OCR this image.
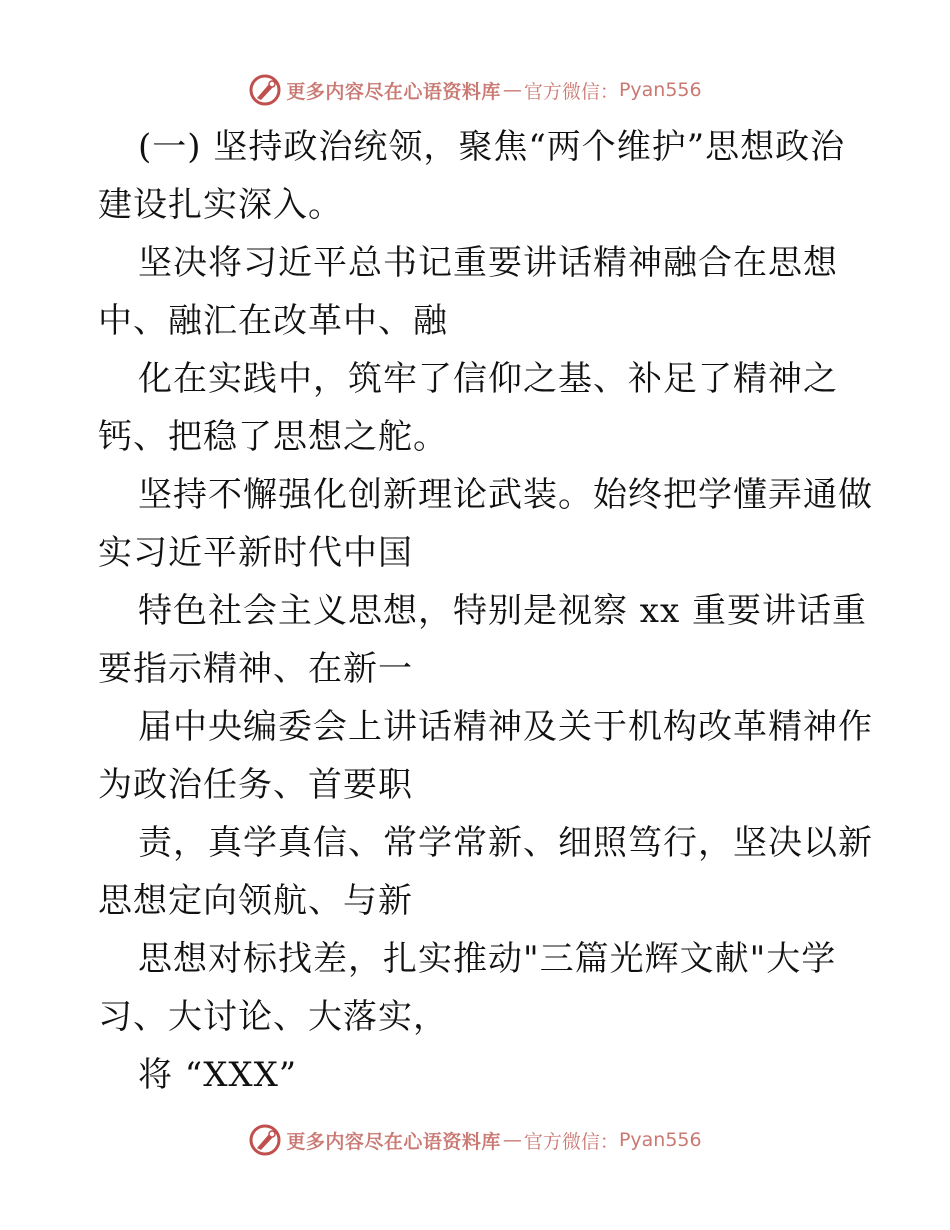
更多内容尽在心语资料库 — 官方微信： Pyan556
(一) 坚持政治统领，聚焦“两个维护”思想政治
建设扎实深入。
坚决将习近平总书记重要讲话精神融合在思想
中、融汇在改革中、融
化在实践中，筑牢了信仰之基、补足了精神之
钙、把稳了思想之舵。
坚持不懈强化创新理论武装。始终把学懂弄通做
实习近平新时代中国
特色社会主义思想，特别是视察 xx 重要讲话重
要指示精神、在新一
届中央编委会上讲话精神及关于机构改革精神作
为政治任务、首要职
责，真学真信、常学常新、细照笃行，坚决以新
思想定向领航、与新
思想对标找差，扎实推动"三篇光辉文献"大学
习、大讨论、大落实，
将 “XXX”
更多内容尽在心语资料库 — 官方微信： Pyan556
